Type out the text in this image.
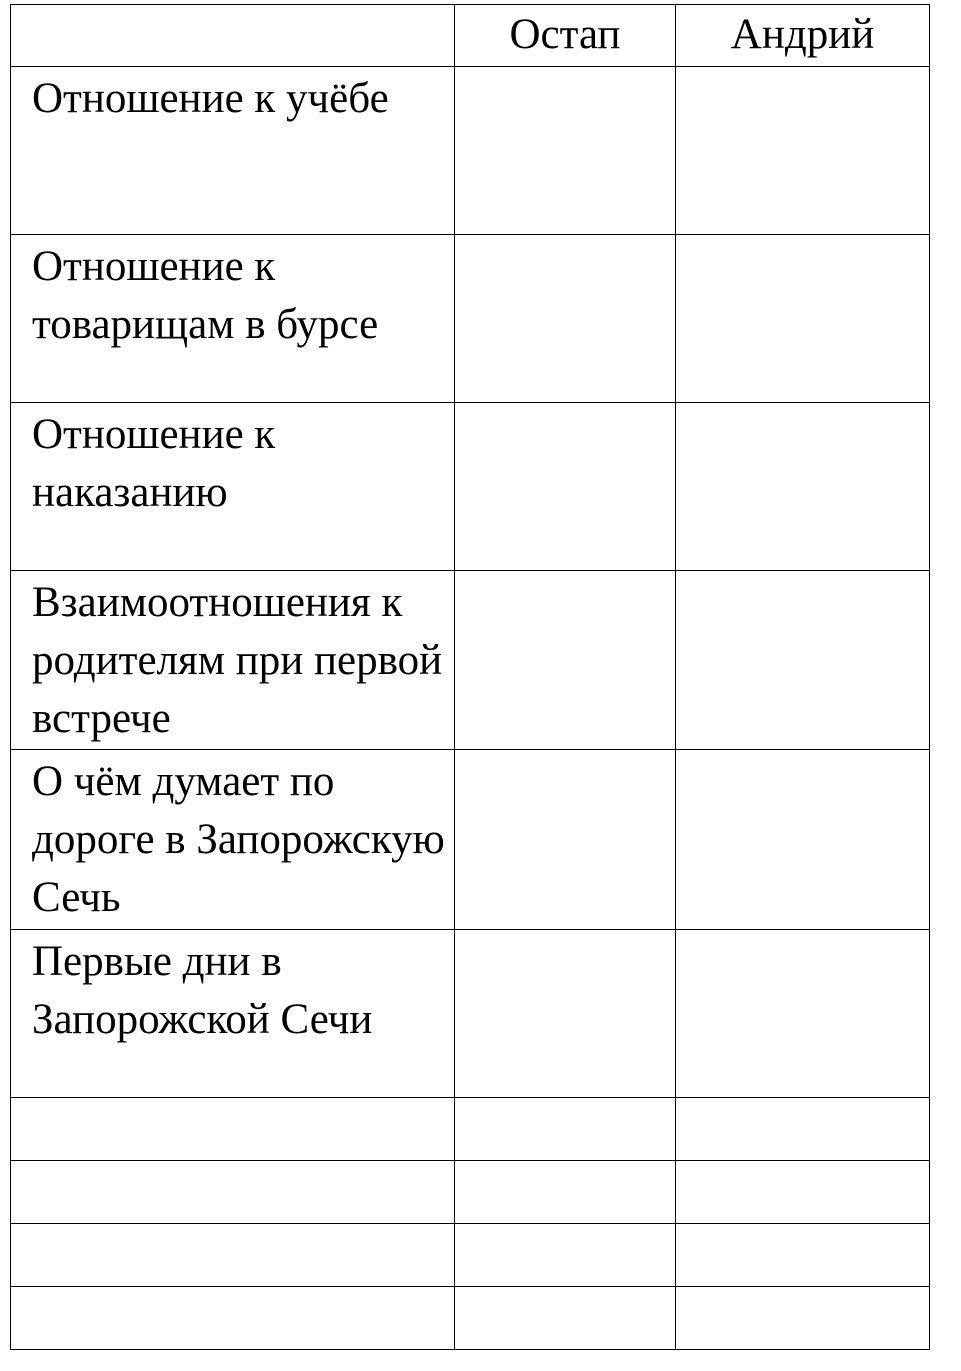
	Остап	Андрий
Отношение к учёбе		
Отношение к товарищам в бурсе		
Отношение к наказанию		
Взаимоотношения к родителям при первой встрече		
О чём думает по дороге в Запорожскую Сечь		
Первые дни в Запорожской Сечи		
